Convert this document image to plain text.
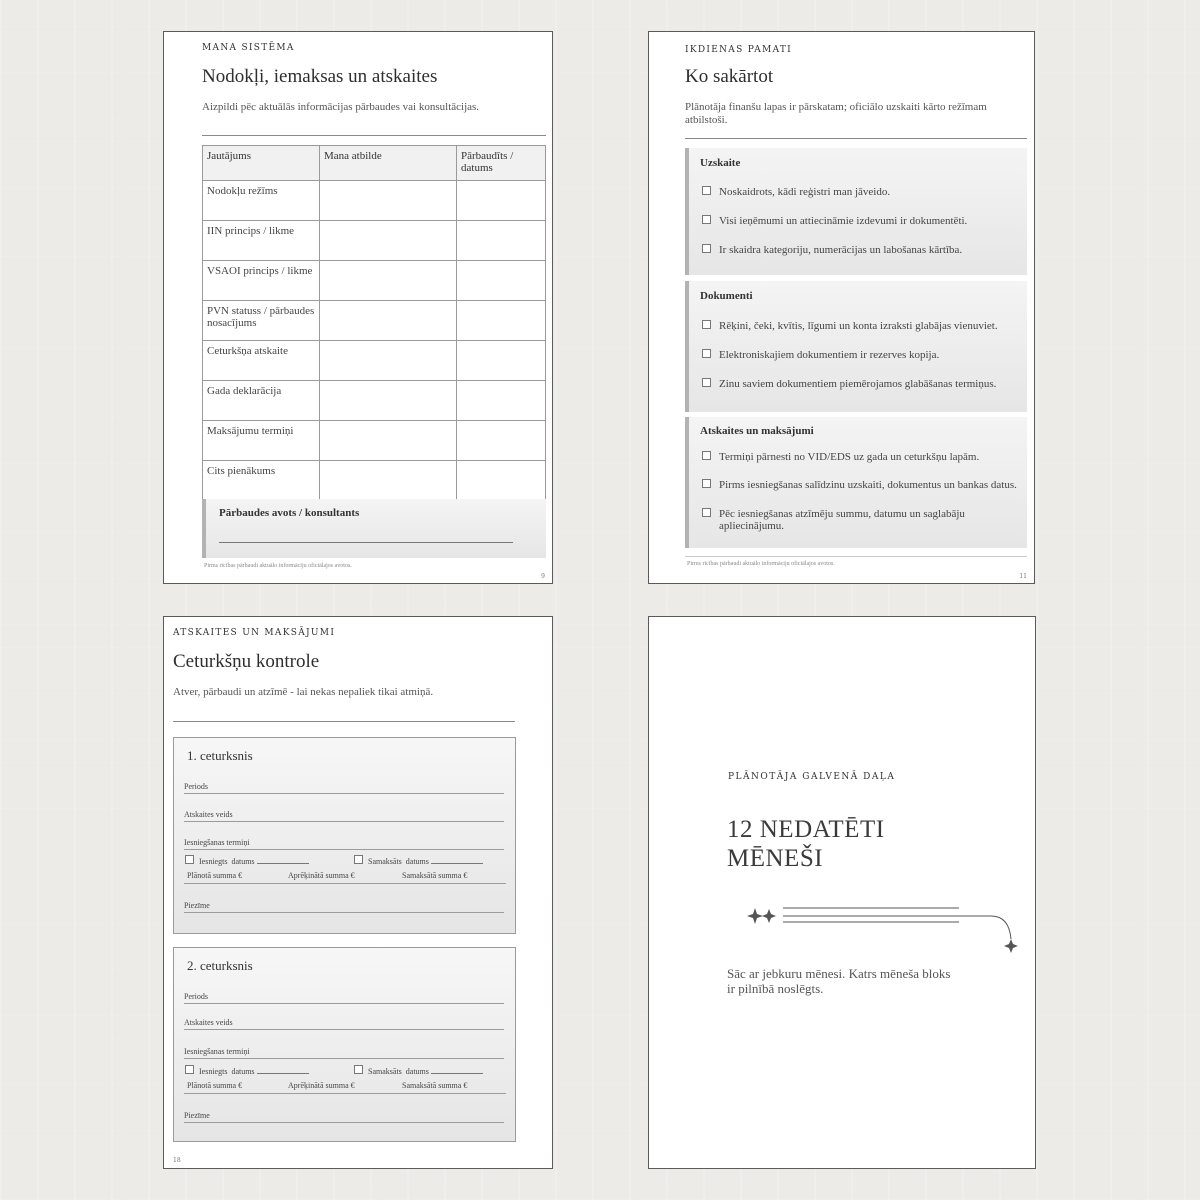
MANA SISTĒMA
Nodokļi, iemaksas un atskaites
Aizpildi pēc aktuālās informācijas pārbaudes vai konsultācijas.
Jautājums	Mana atbilde	Pārbaudīts / datums
Nodokļu režīms		
IIN princips / likme		
VSAOI princips / likme		
PVN statuss / pārbaudes nosacījums		
Ceturkšņa atskaite		
Gada deklarācija		
Maksājumu termiņi		
Cits pienākums		
Pārbaudes avots / konsultants
Pirms rīcības pārbaudi aktuālo informāciju oficiālajos avotos.
9
IKDIENAS PAMATI
Ko sakārtot
Plānotāja finanšu lapas ir pārskatam; oficiālo uzskaiti kārto režīmam atbilstoši.
Uzskaite
Noskaidrots, kādi reģistri man jāveido.
Visi ieņēmumi un attiecināmie izdevumi ir dokumentēti.
Ir skaidra kategoriju, numerācijas un labošanas kārtība.
Dokumenti
Rēķini, čeki, kvītis, līgumi un konta izraksti glabājas vienuviet.
Elektroniskajiem dokumentiem ir rezerves kopija.
Zinu saviem dokumentiem piemērojamos glabāšanas termiņus.
Atskaites un maksājumi
Termiņi pārnesti no VID/EDS uz gada un ceturkšņu lapām.
Pirms iesniegšanas salīdzinu uzskaiti, dokumentus un bankas datus.
Pēc iesniegšanas atzīmēju summu, datumu un saglabāju apliecinājumu.
Pirms rīcības pārbaudi aktuālo informāciju oficiālajos avotos.
11
ATSKAITES UN MAKSĀJUMI
Ceturkšņu kontrole
Atver, pārbaudi un atzīmē - lai nekas nepaliek tikai atmiņā.
1. ceturksnis
Periods
Atskaites veids
Iesniegšanas termiņi
Iesniegts datums	Samaksāts datums
Plānotā summa €	Aprēķinātā summa €	Samaksātā summa €
Piezīme
2. ceturksnis
Periods
Atskaites veids
Iesniegšanas termiņi
Iesniegts datums	Samaksāts datums
Plānotā summa €	Aprēķinātā summa €	Samaksātā summa €
Piezīme
18
PLĀNOTĀJA GALVENĀ DAĻA
12 NEDATĒTI
MĒNEŠI
Sāc ar jebkuru mēnesi. Katrs mēneša bloks
ir pilnībā noslēgts.
